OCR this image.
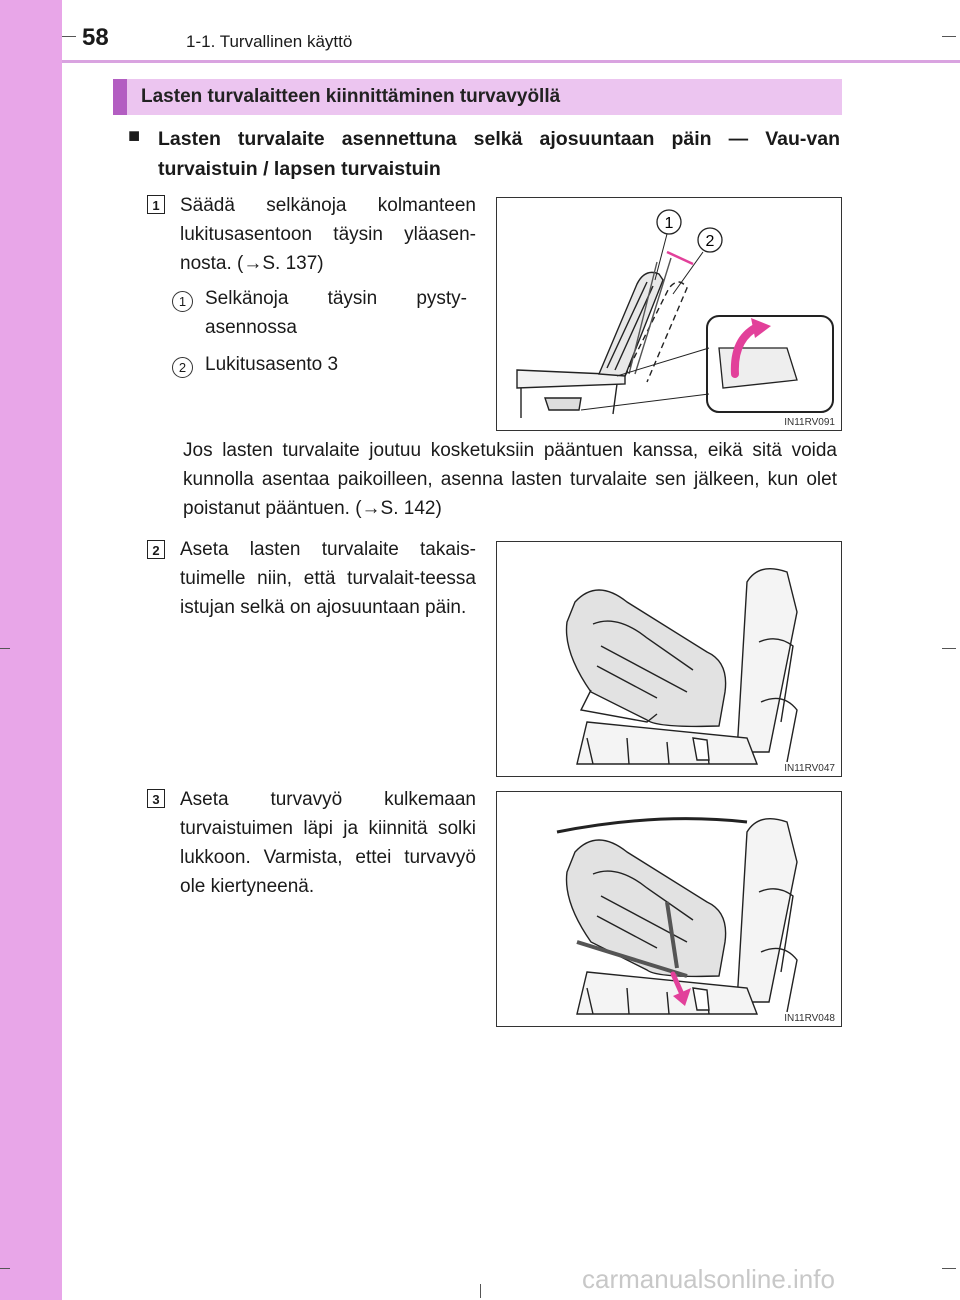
58	1-1. Turvallinen käyttö
Lasten turvalaitteen kiinnittäminen turvavyöllä
■ Lasten turvalaite asennettuna selkä ajosuuntaan päin — Vau-van turvaistuin / lapsen turvaistuin
1 Säädä selkänoja kolmanteen lukitusasentoon täysin yläasen-nosta. (→S. 137)
1 Selkänoja täysin pysty-asennossa
2 Lukitusasento 3
1
2
IN11RV091
Jos lasten turvalaite joutuu kosketuksiin pääntuen kanssa, eikä sitä voida kunnolla asentaa paikoilleen, asenna lasten turvalaite sen jälkeen, kun olet poistanut pääntuen. (→S. 142)
2 Aseta lasten turvalaite takais-tuimelle niin, että turvalait-teessa istujan selkä on ajosuuntaan päin.
IN11RV047
3 Aseta turvavyö kulkemaan turvaistuimen läpi ja kiinnitä solki lukkoon. Varmista, ettei turvavyö ole kiertyneenä.
IN11RV048
carmanualsonline.info
